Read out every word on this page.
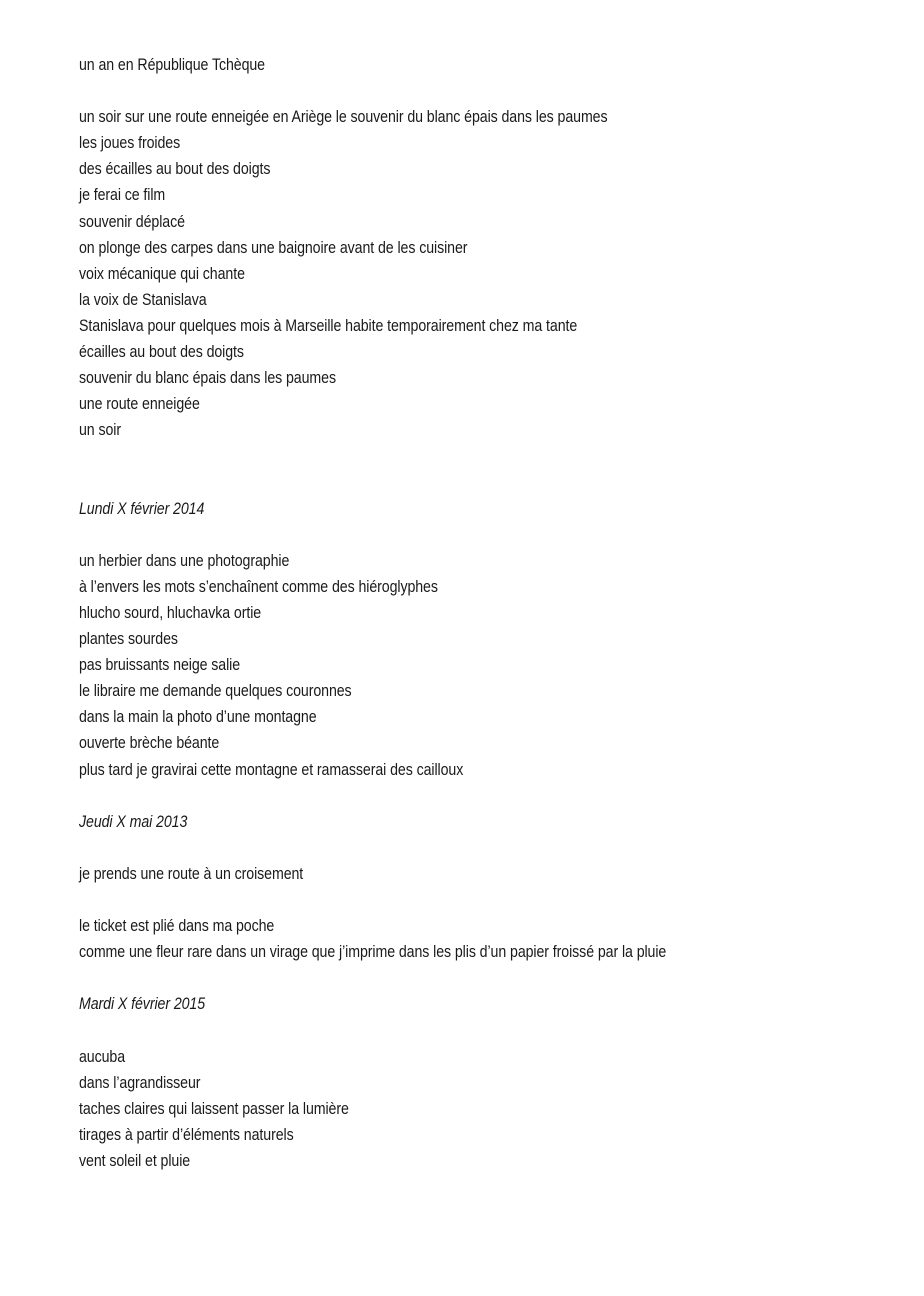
un an en République Tchèque
un soir sur une route enneigée en Ariège le souvenir du blanc épais dans les paumes
les joues froides
des écailles au bout des doigts
je ferai ce film
souvenir déplacé
on plonge des carpes dans une baignoire avant de les cuisiner
voix mécanique qui chante
la voix de Stanislava
Stanislava pour quelques mois à Marseille habite temporairement chez ma tante
écailles au bout des doigts
souvenir du blanc épais dans les paumes
une route enneigée
un soir
Lundi X février 2014
un herbier dans une photographie
à l’envers les mots s’enchaînent comme des hiéroglyphes
hlucho sourd, hluchavka ortie
plantes sourdes
pas bruissants neige salie
le libraire me demande quelques couronnes
dans la main la photo d’une montagne
ouverte brèche béante
plus tard je gravirai cette montagne et ramasserai des cailloux
Jeudi X mai 2013
je prends une route à un croisement
le ticket est plié dans ma poche
comme une fleur rare dans un virage que j’imprime dans les plis d’un papier froissé par la pluie
Mardi X février 2015
aucuba
dans l’agrandisseur
taches claires qui laissent passer la lumière
tirages à partir d’éléments naturels
vent soleil et pluie
